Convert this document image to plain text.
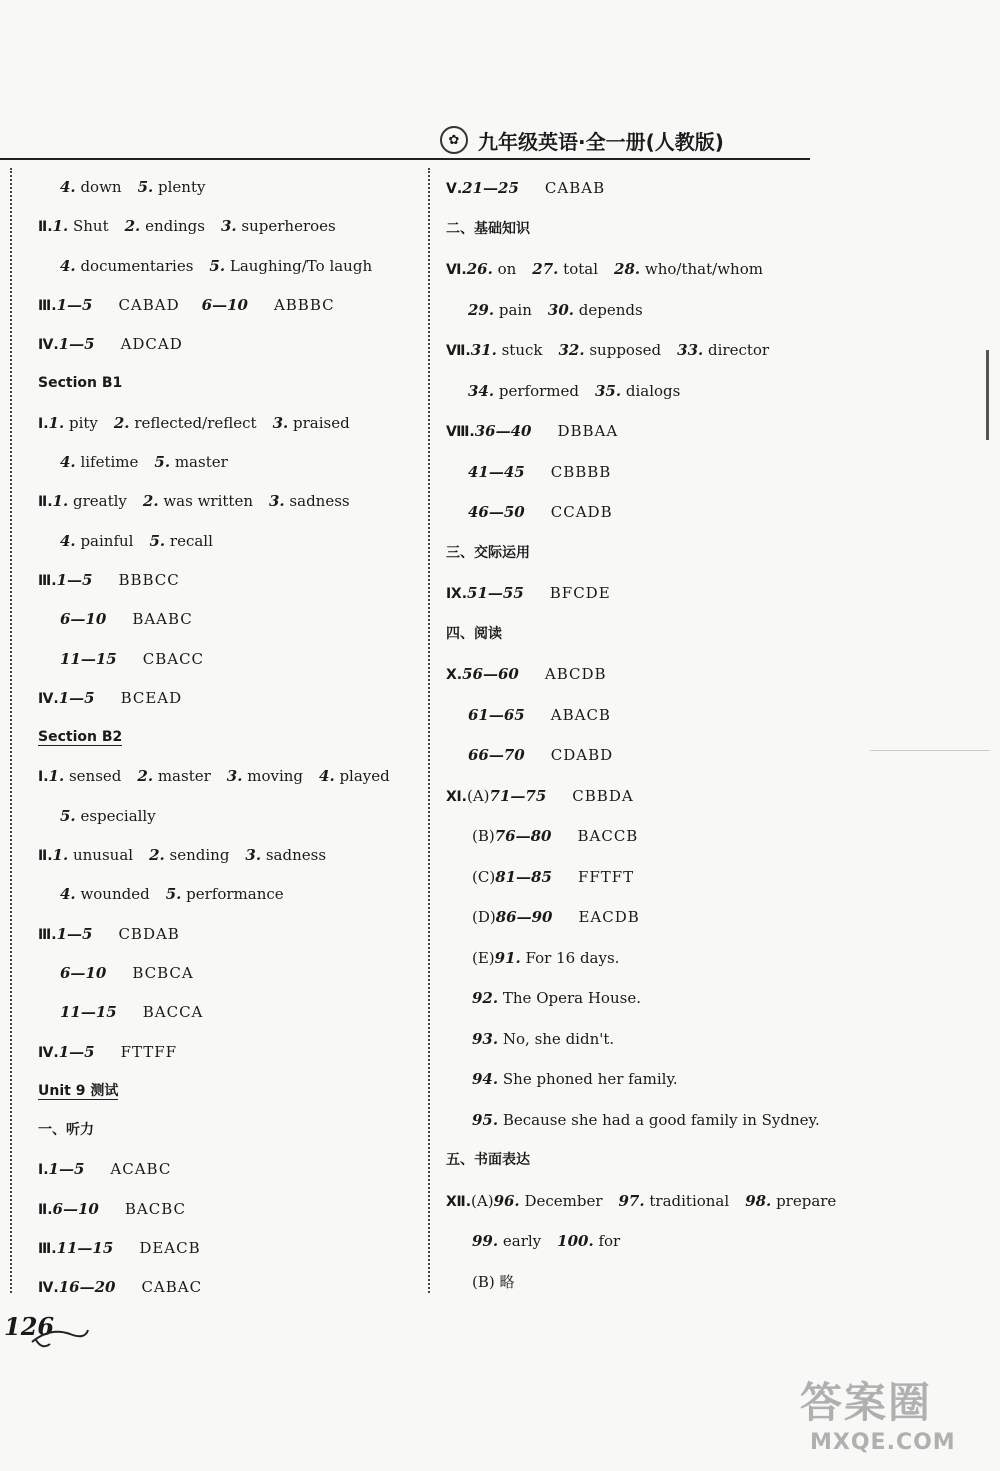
✿ 九年级英语·全一册(人教版)
4. down 5. plenty
Ⅱ.1. Shut 2. endings 3. superheroes
4. documentaries 5. Laughing/To laugh
Ⅲ.1—5 CABAD 6—10 ABBBC
Ⅳ.1—5 ADCAD
Section B1
Ⅰ.1. pity 2. reflected/reflect 3. praised
4. lifetime 5. master
Ⅱ.1. greatly 2. was written 3. sadness
4. painful 5. recall
Ⅲ.1—5 BBBCC
6—10 BAABC
11—15 CBACC
Ⅳ.1—5 BCEAD
Section B2
Ⅰ.1. sensed 2. master 3. moving 4. played
5. especially
Ⅱ.1. unusual 2. sending 3. sadness
4. wounded 5. performance
Ⅲ.1—5 CBDAB
6—10 BCBCA
11—15 BACCA
Ⅳ.1—5 FTTFF
Unit 9 测试
一、听力
Ⅰ.1—5 ACABC
Ⅱ.6—10 BACBC
Ⅲ.11—15 DEACB
Ⅳ.16—20 CABAC
Ⅴ.21—25 CABAB
二、基础知识
Ⅵ.26. on 27. total 28. who/that/whom
29. pain 30. depends
Ⅶ.31. stuck 32. supposed 33. director
34. performed 35. dialogs
Ⅷ.36—40 DBBAA
41—45 CBBBB
46—50 CCADB
三、交际运用
Ⅸ.51—55 BFCDE
四、阅读
Ⅹ.56—60 ABCDB
61—65 ABACB
66—70 CDABD
Ⅺ.(A)71—75 CBBDA
(B)76—80 BACCB
(C)81—85 FFTFT
(D)86—90 EACDB
(E)91. For 16 days.
92. The Opera House.
93. No, she didn't.
94. She phoned her family.
95. Because she had a good family in Sydney.
五、书面表达
Ⅻ.(A)96. December 97. traditional 98. prepare
99. early 100. for
(B) 略
126
答案圈
MXQE.COM
